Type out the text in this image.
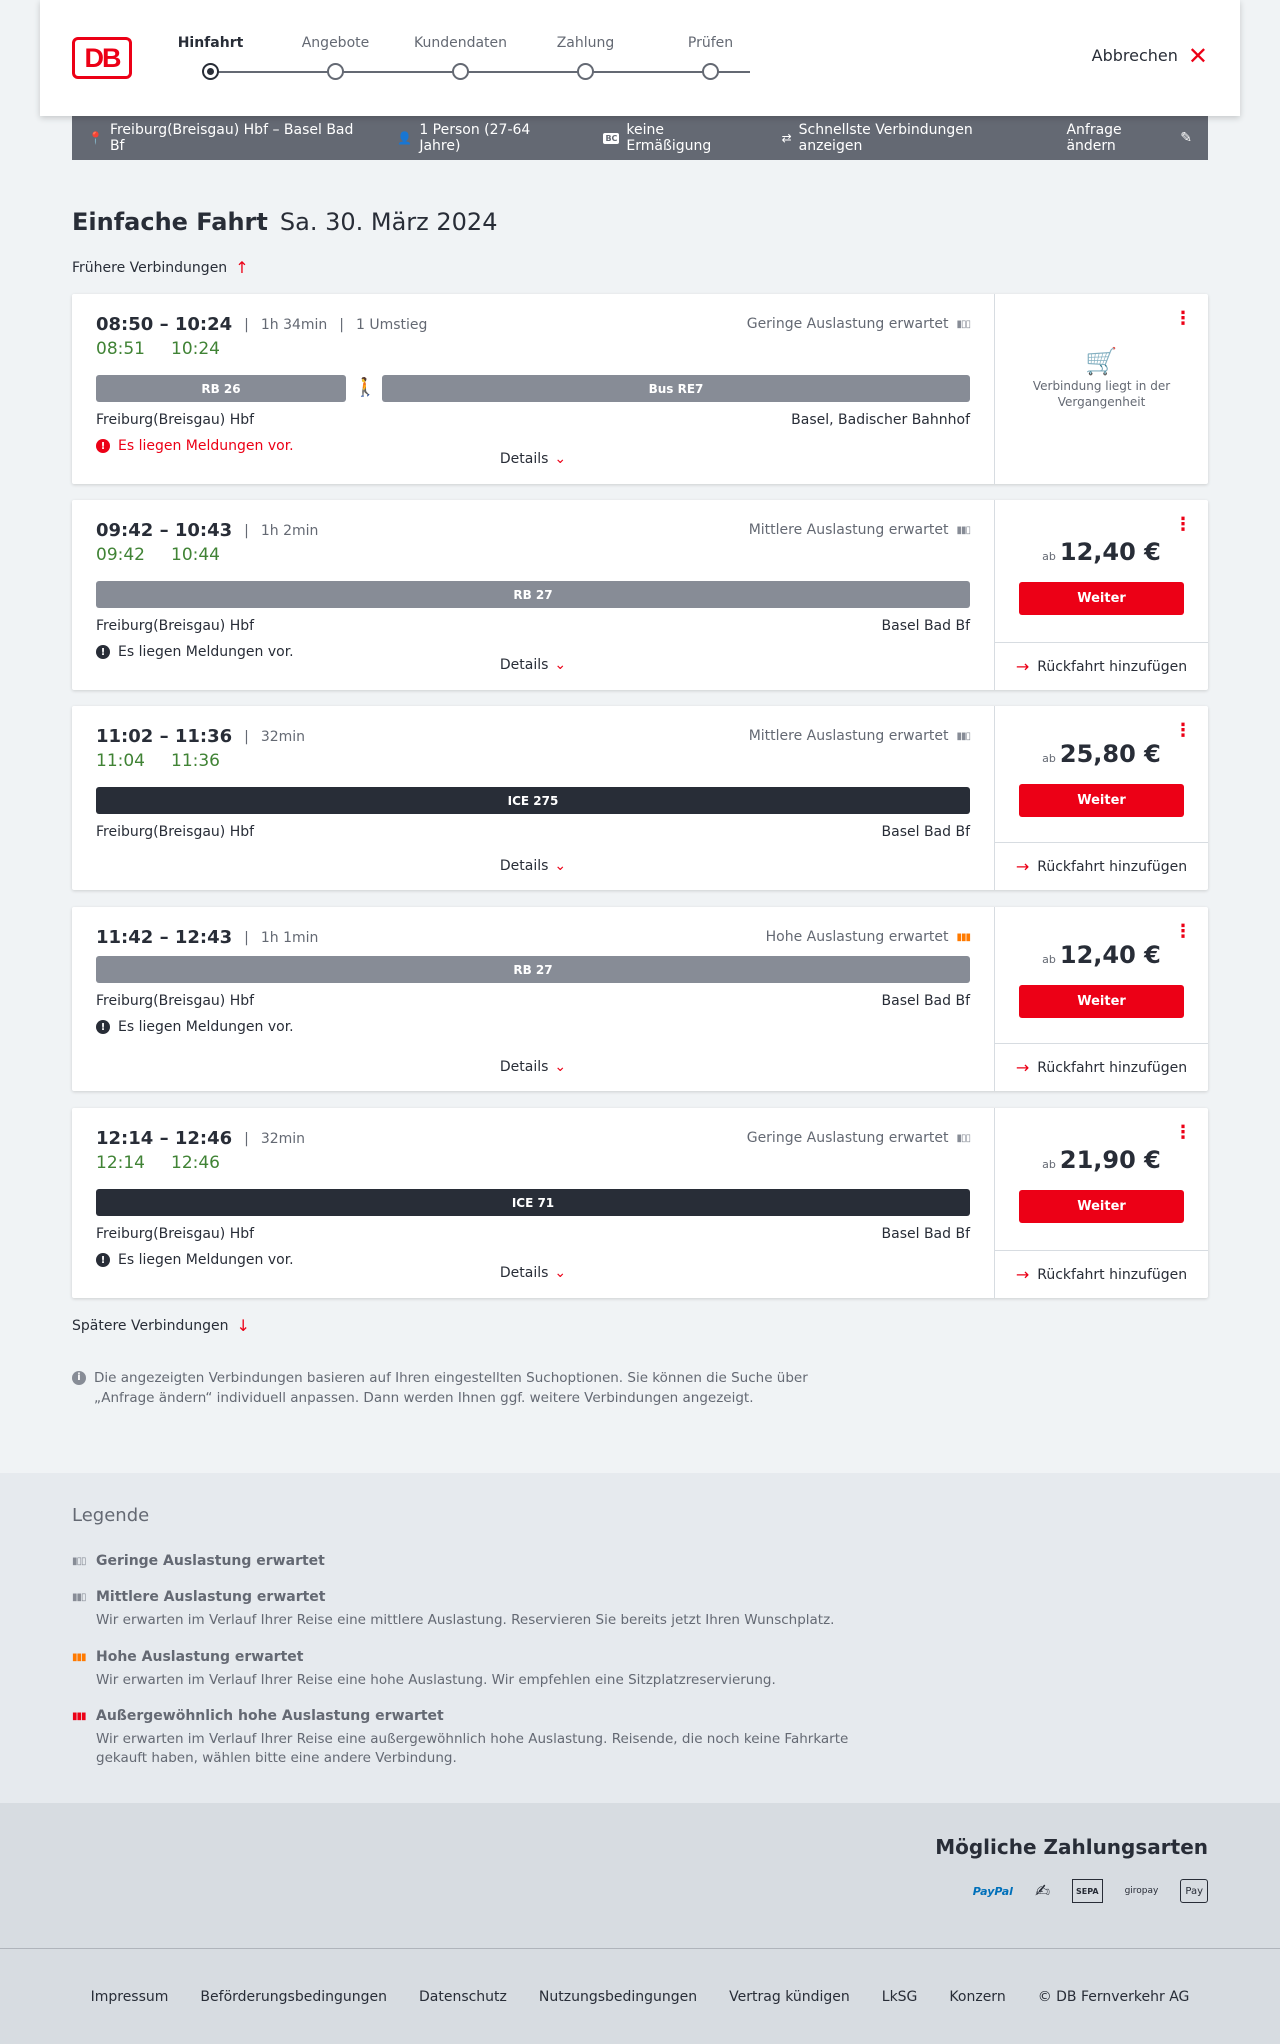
DB	Hinfahrt	Angebote	Kundendaten	Zahlung	Prüfen
Abbrechen ✕
📍 Freiburg(Breisgau) Hbf – Basel Bad Bf	👤 1 Person (27-64 Jahre)	BC keine Ermäßigung	⇄ Schnellste Verbindungen anzeigen
Anfrage ändern	✎
Einfache Fahrt Sa. 30. März 2024
Frühere Verbindungen ↑
08:50 – 10:24 | 1h 34min | 1 Umstieg
08:51 10:24
Geringe Auslastung erwartet ▮▯▯
RB 26	🚶	Bus RE7
Freiburg(Breisgau) Hbf	Basel, Badischer Bahnhof
! Es liegen Meldungen vor.
Details ⌄
⋮
🛒
Verbindung liegt in der Vergangenheit
09:42 – 10:43 | 1h 2min
09:42 10:44
Mittlere Auslastung erwartet ▮▮▯
RB 27
Freiburg(Breisgau) Hbf	Basel Bad Bf
! Es liegen Meldungen vor.
Details ⌄
⋮
ab 12,40 €
Weiter
→ Rückfahrt hinzufügen
11:02 – 11:36 | 32min
11:04 11:36
Mittlere Auslastung erwartet ▮▮▯
ICE 275
Freiburg(Breisgau) Hbf	Basel Bad Bf
Details ⌄
⋮
ab 25,80 €
Weiter
→ Rückfahrt hinzufügen
11:42 – 12:43 | 1h 1min	Hohe Auslastung erwartet ▮▮▮
RB 27
Freiburg(Breisgau) Hbf	Basel Bad Bf
! Es liegen Meldungen vor.
Details ⌄
⋮
ab 12,40 €
Weiter
→ Rückfahrt hinzufügen
12:14 – 12:46 | 32min
12:14 12:46
Geringe Auslastung erwartet ▮▯▯
ICE 71
Freiburg(Breisgau) Hbf	Basel Bad Bf
! Es liegen Meldungen vor.
Details ⌄
⋮
ab 21,90 €
Weiter
→ Rückfahrt hinzufügen
Spätere Verbindungen ↓
i Die angezeigten Verbindungen basieren auf Ihren eingestellten Suchoptionen. Sie können die Suche über „Anfrage ändern“ individuell anpassen. Dann werden Ihnen ggf. weitere Verbindungen angezeigt.
Legende
▮▯▯ Geringe Auslastung erwartet
▮▮▯ Mittlere Auslastung erwartet
Wir erwarten im Verlauf Ihrer Reise eine mittlere Auslastung. Reservieren Sie bereits jetzt Ihren Wunschplatz.
▮▮▮ Hohe Auslastung erwartet
Wir erwarten im Verlauf Ihrer Reise eine hohe Auslastung. Wir empfehlen eine Sitzplatzreservierung.
▮▮▮ Außergewöhnlich hohe Auslastung erwartet
Wir erwarten im Verlauf Ihrer Reise eine außergewöhnlich hohe Auslastung. Reisende, die noch keine Fahrkarte gekauft haben, wählen bitte eine andere Verbindung.
Mögliche Zahlungsarten
PayPal ✍	SEPA	giropay	Pay
Impressum Beförderungsbedingungen Datenschutz Nutzungsbedingungen Vertrag kündigen LkSG Konzern © DB Fernverkehr AG
